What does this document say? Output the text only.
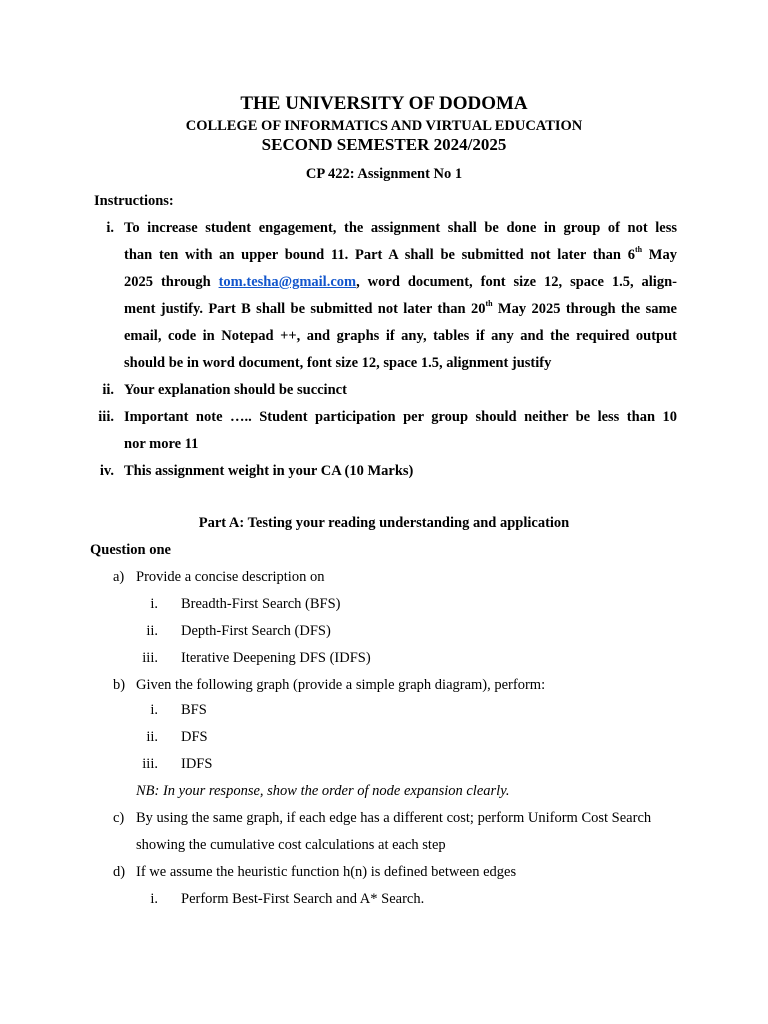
THE UNIVERSITY OF DODOMA
COLLEGE OF INFORMATICS AND VIRTUAL EDUCATION
SECOND SEMESTER 2024/2025
CP 422: Assignment No 1
Instructions:
i. To increase student engagement, the assignment shall be done in group of not less
than ten with an upper bound 11. Part A shall be submitted not later than 6th May
2025 through tom.tesha@gmail.com, word document, font size 12, space 1.5, align-
ment justify. Part B shall be submitted not later than 20th May 2025 through the same
email, code in Notepad ++, and graphs if any, tables if any and the required output
should be in word document, font size 12, space 1.5, alignment justify
ii. Your explanation should be succinct
iii. Important note ….. Student participation per group should neither be less than 10
nor more 11
iv. This assignment weight in your CA (10 Marks)
Part A: Testing your reading understanding and application
Question one
a) Provide a concise description on
i. Breadth-First Search (BFS)
ii. Depth-First Search (DFS)
iii. Iterative Deepening DFS (IDFS)
b) Given the following graph (provide a simple graph diagram), perform:
i. BFS
ii. DFS
iii. IDFS
NB: In your response, show the order of node expansion clearly.
c) By using the same graph, if each edge has a different cost; perform Uniform Cost Search
showing the cumulative cost calculations at each step
d) If we assume the heuristic function h(n) is defined between edges
i. Perform Best-First Search and A* Search.
